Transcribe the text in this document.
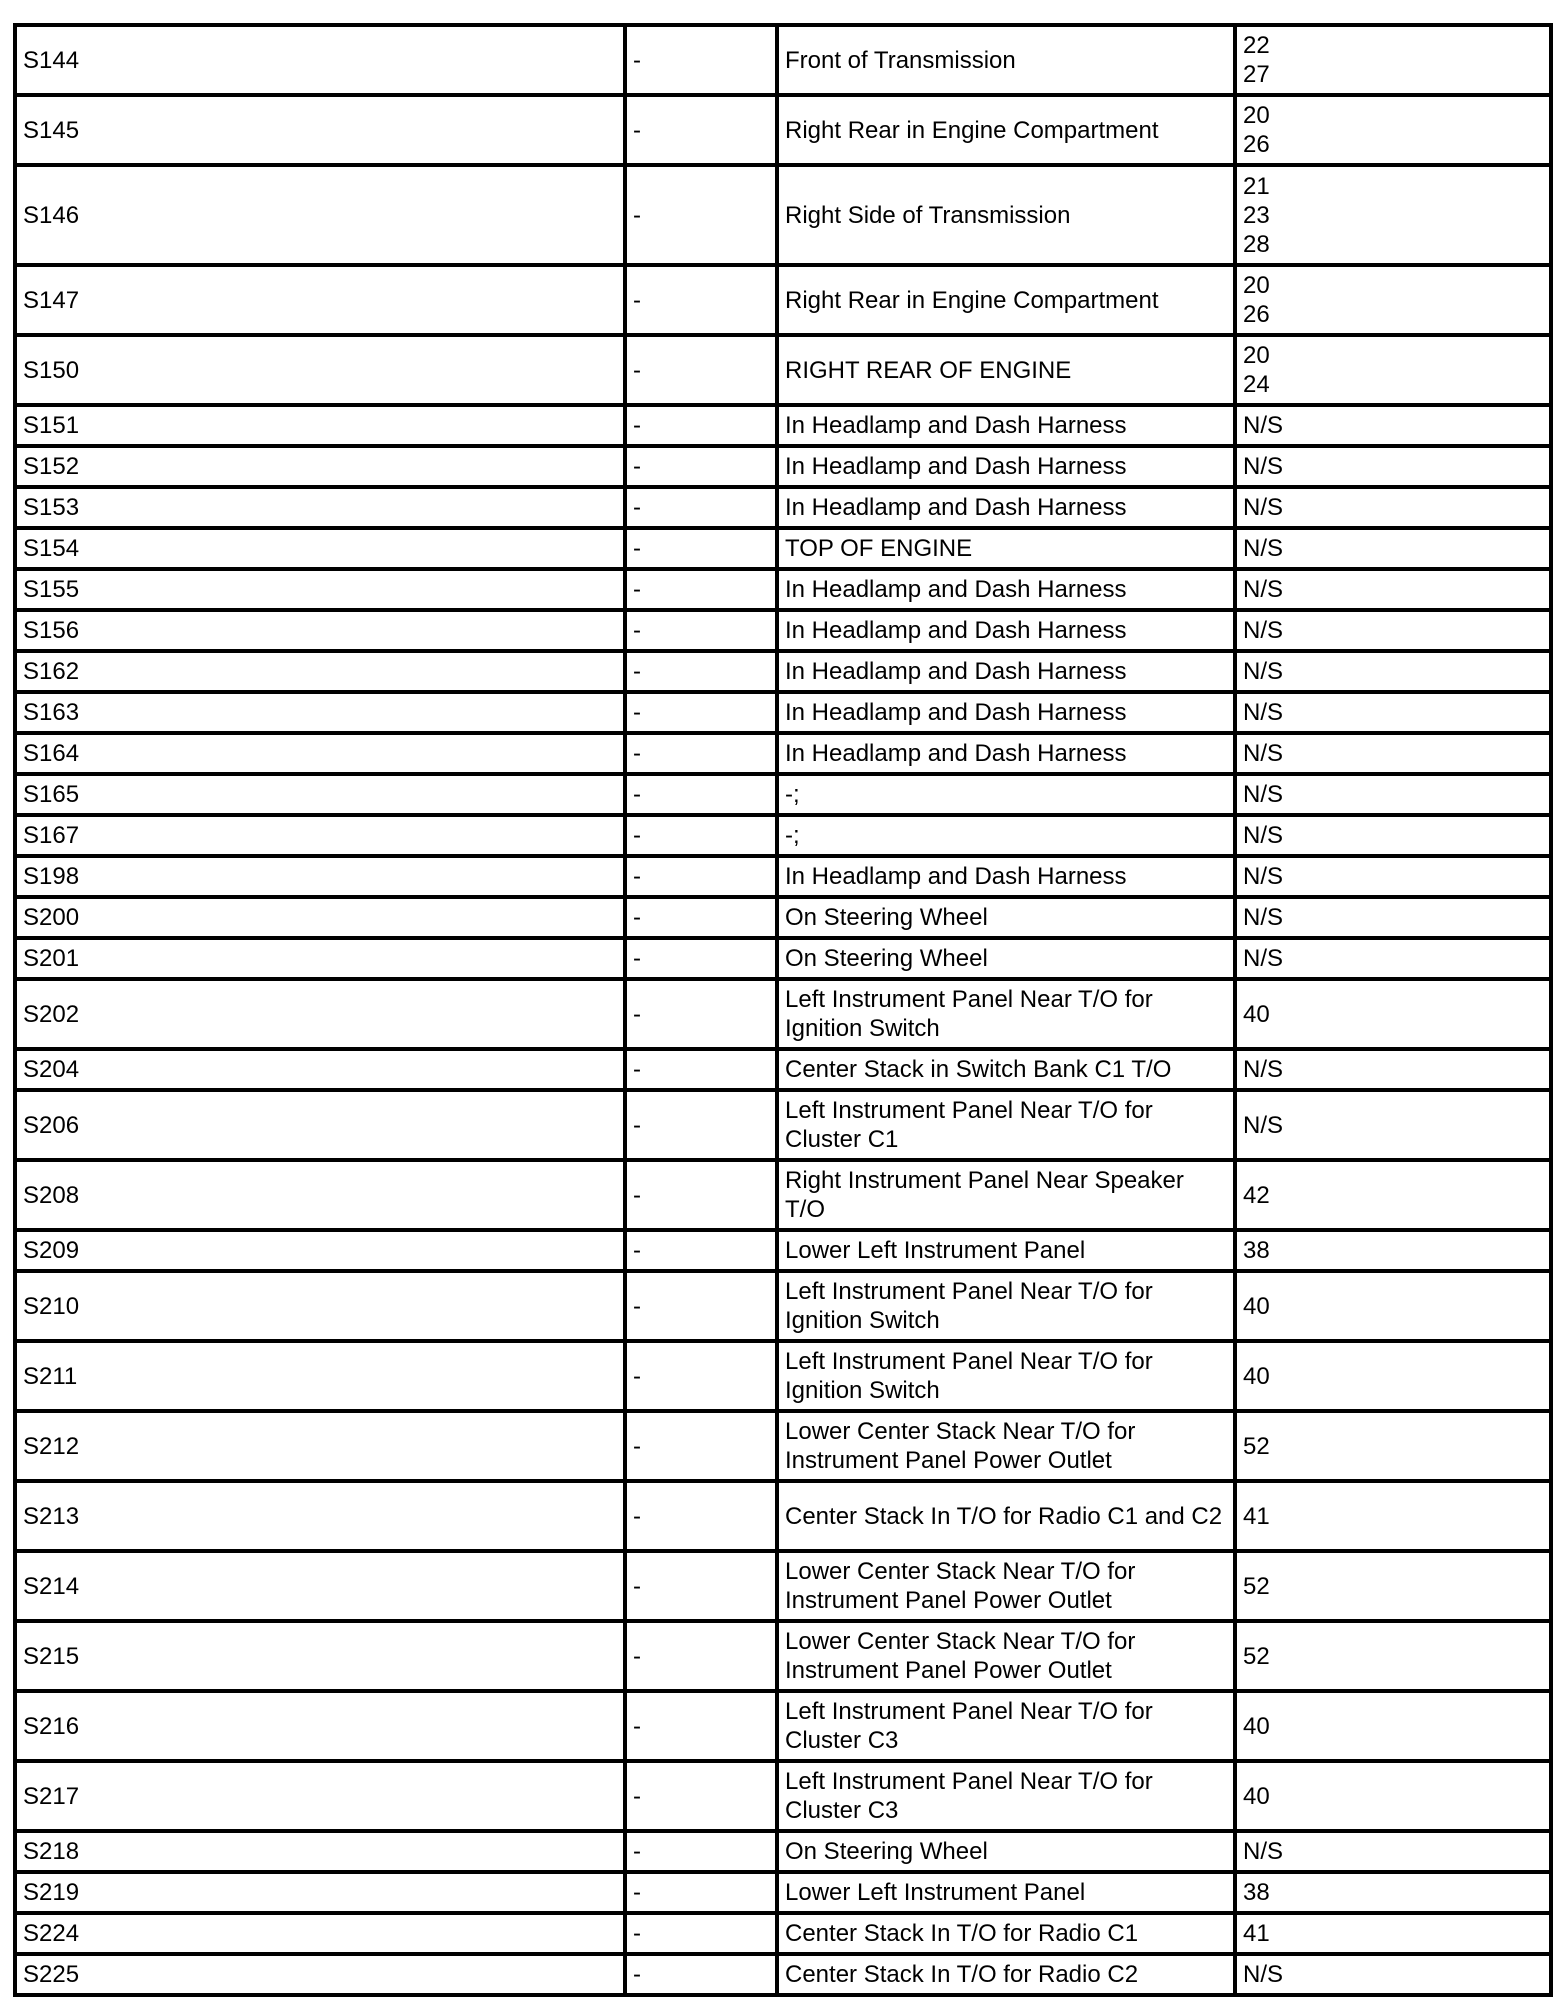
S144	-	Front of Transmission	22
27

S145	-	Right Rear in Engine Compartment	20
26

S146	-	Right Side of Transmission	21
23
28

S147	-	Right Rear in Engine Compartment	20
26

S150	-	RIGHT REAR OF ENGINE	20
24

S151	-	In Headlamp and Dash Harness	N/S

S152	-	In Headlamp and Dash Harness	N/S

S153	-	In Headlamp and Dash Harness	N/S

S154	-	TOP OF ENGINE	N/S

S155	-	In Headlamp and Dash Harness	N/S

S156	-	In Headlamp and Dash Harness	N/S

S162	-	In Headlamp and Dash Harness	N/S

S163	-	In Headlamp and Dash Harness	N/S

S164	-	In Headlamp and Dash Harness	N/S

S165	-	-;	N/S

S167	-	-;	N/S

S198	-	In Headlamp and Dash Harness	N/S

S200	-	On Steering Wheel	N/S

S201	-	On Steering Wheel	N/S

S202	-	Left Instrument Panel Near T/O for Ignition Switch	40

S204	-	Center Stack in Switch Bank C1 T/O	N/S

S206	-	Left Instrument Panel Near T/O for Cluster C1	N/S

S208	-	Right Instrument Panel Near Speaker T/O	42

S209	-	Lower Left Instrument Panel	38

S210	-	Left Instrument Panel Near T/O for Ignition Switch	40

S211	-	Left Instrument Panel Near T/O for Ignition Switch	40

S212	-	Lower Center Stack Near T/O for Instrument Panel Power Outlet	52

S213	-	Center Stack In T/O for Radio C1 and C2	41

S214	-	Lower Center Stack Near T/O for Instrument Panel Power Outlet	52

S215	-	Lower Center Stack Near T/O for Instrument Panel Power Outlet	52

S216	-	Left Instrument Panel Near T/O for Cluster C3	40

S217	-	Left Instrument Panel Near T/O for Cluster C3	40

S218	-	On Steering Wheel	N/S

S219	-	Lower Left Instrument Panel	38

S224	-	Center Stack In T/O for Radio C1	41

S225	-	Center Stack In T/O for Radio C2	N/S
